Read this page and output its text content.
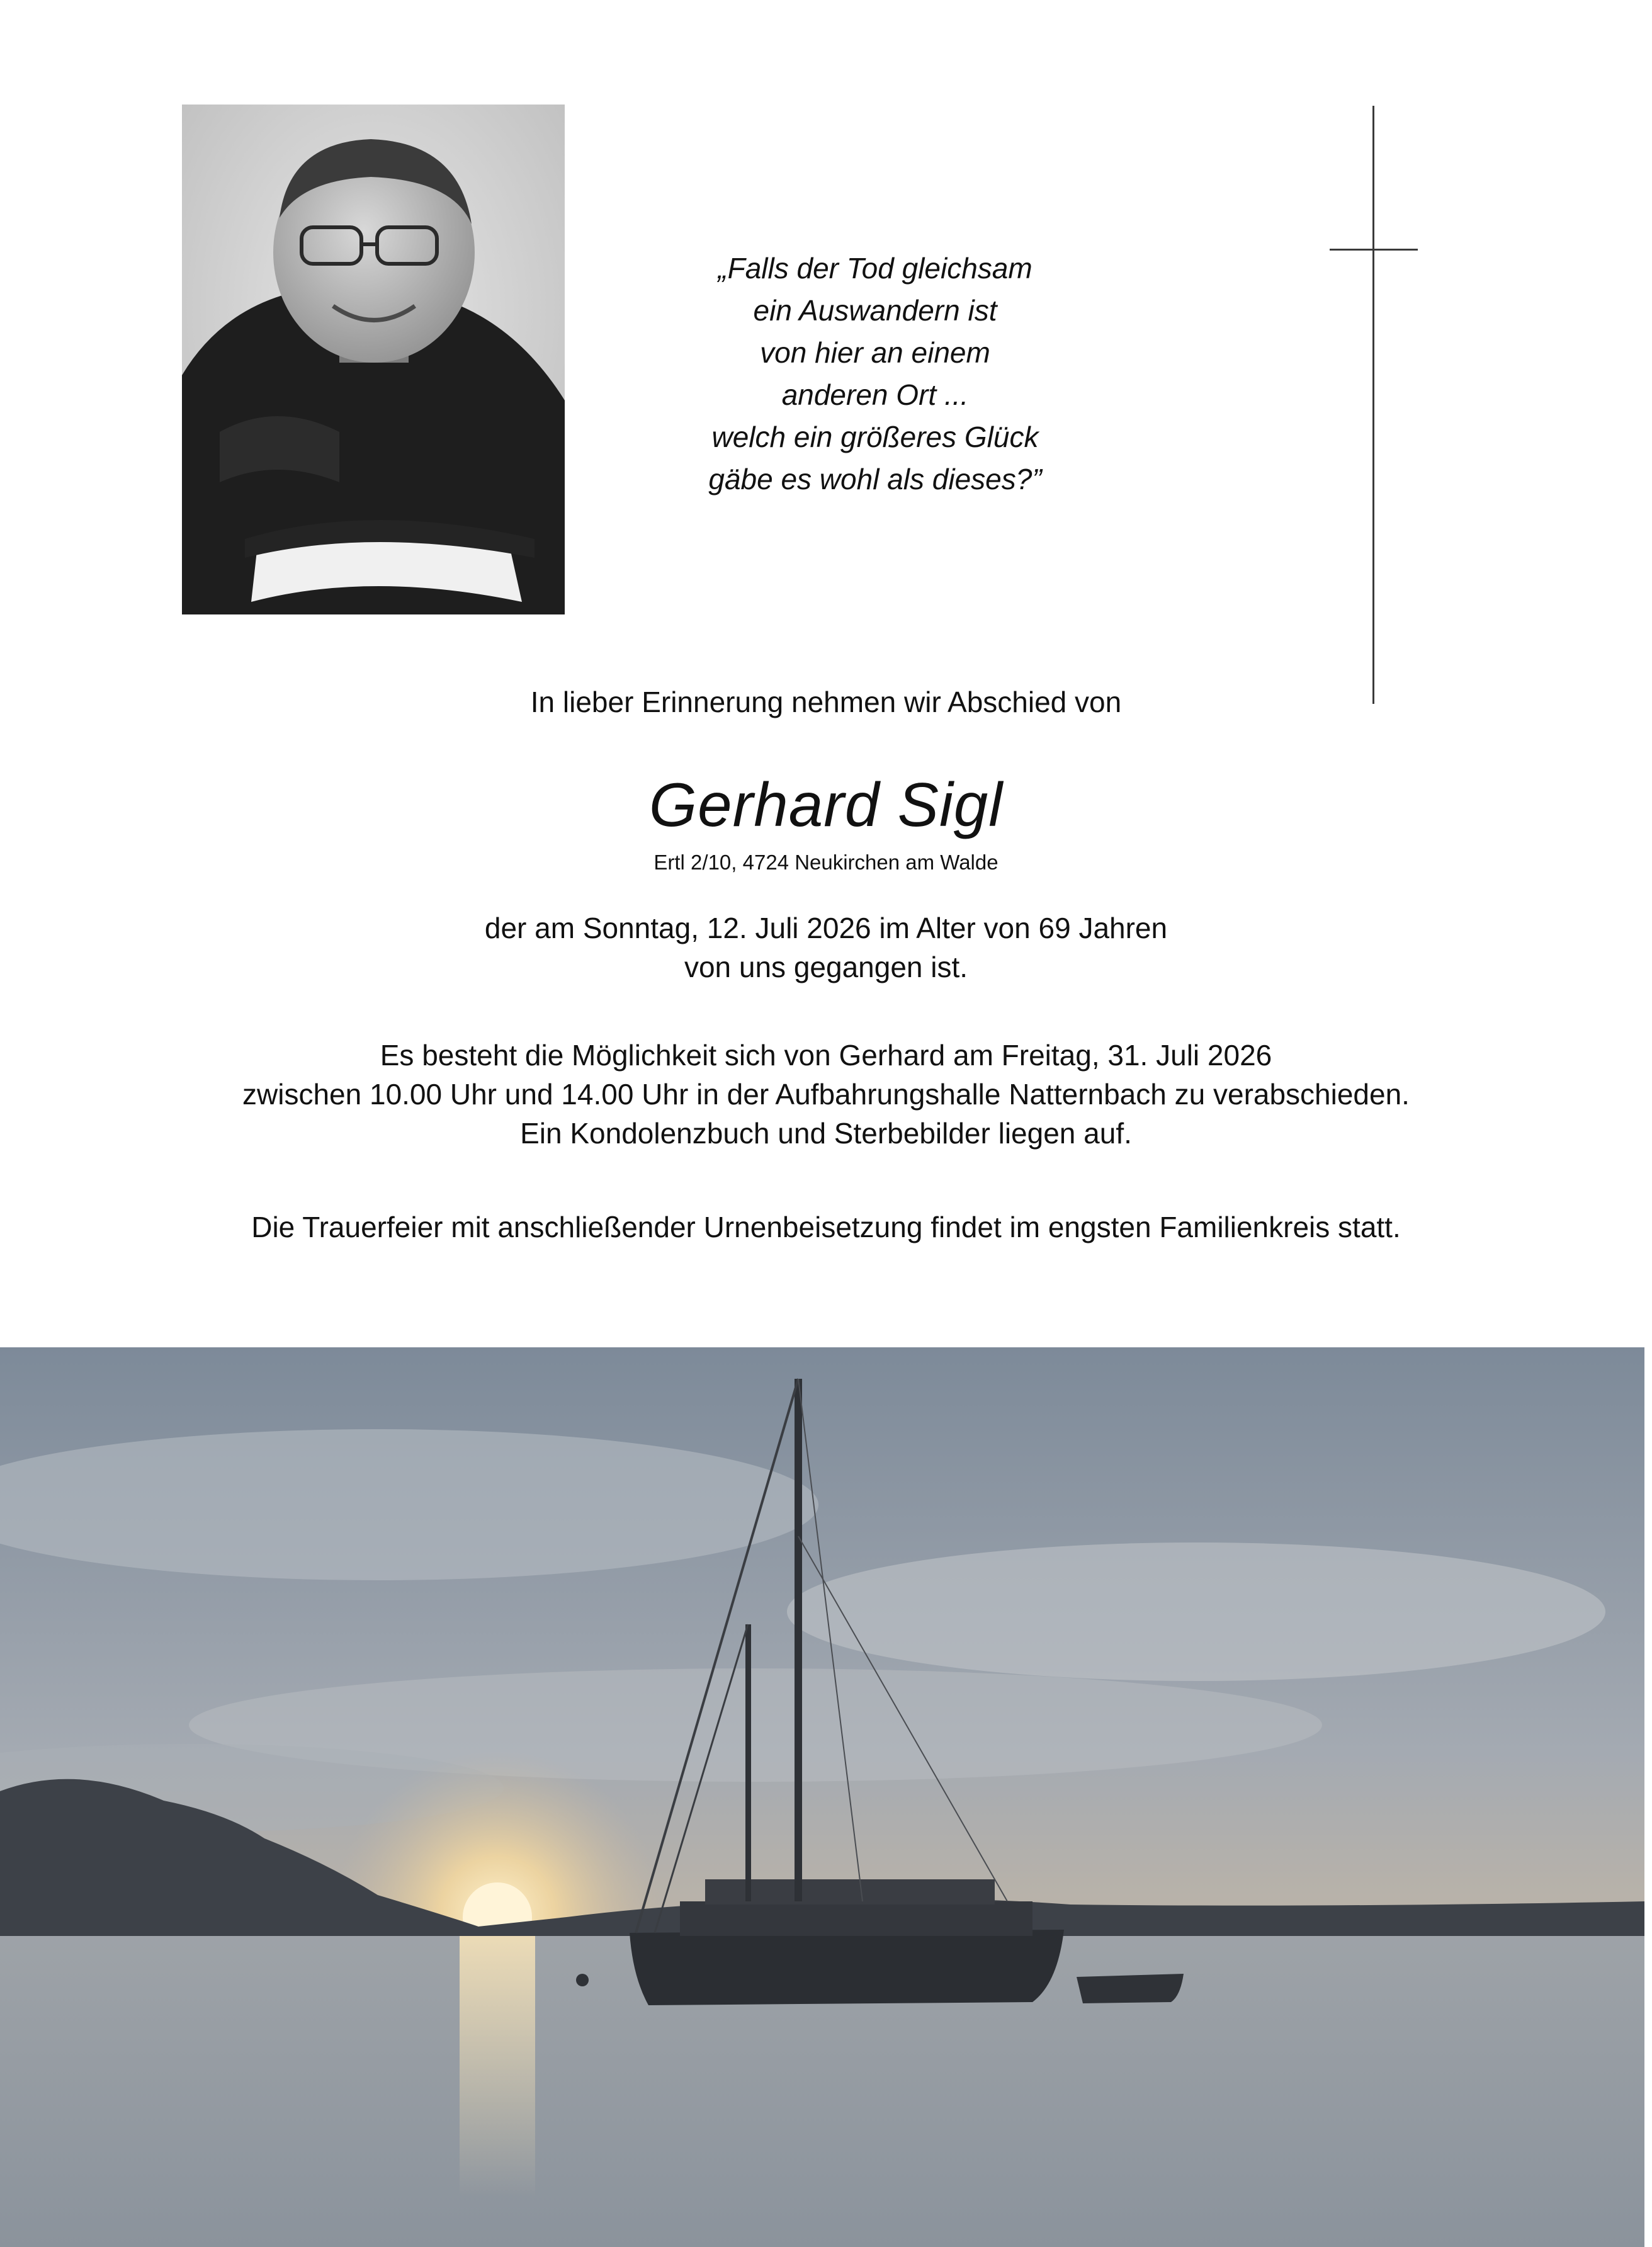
„Falls der Tod gleichsam
ein Auswandern ist
von hier an einem
anderen Ort ...
welch ein größeres Glück
gäbe es wohl als dieses?”
In lieber Erinnerung nehmen wir Abschied von
Gerhard Sigl
Ertl 2/10, 4724 Neukirchen am Walde
der am Sonntag, 12. Juli 2026 im Alter von 69 Jahren
von uns gegangen ist.
Es besteht die Möglichkeit sich von Gerhard am Freitag, 31. Juli 2026
zwischen 10.00 Uhr und 14.00 Uhr in der Aufbahrungshalle Natternbach zu verabschieden.
Ein Kondolenzbuch und Sterbebilder liegen auf.
Die Trauerfeier mit anschließender Urnenbeisetzung findet im engsten Familienkreis statt.
